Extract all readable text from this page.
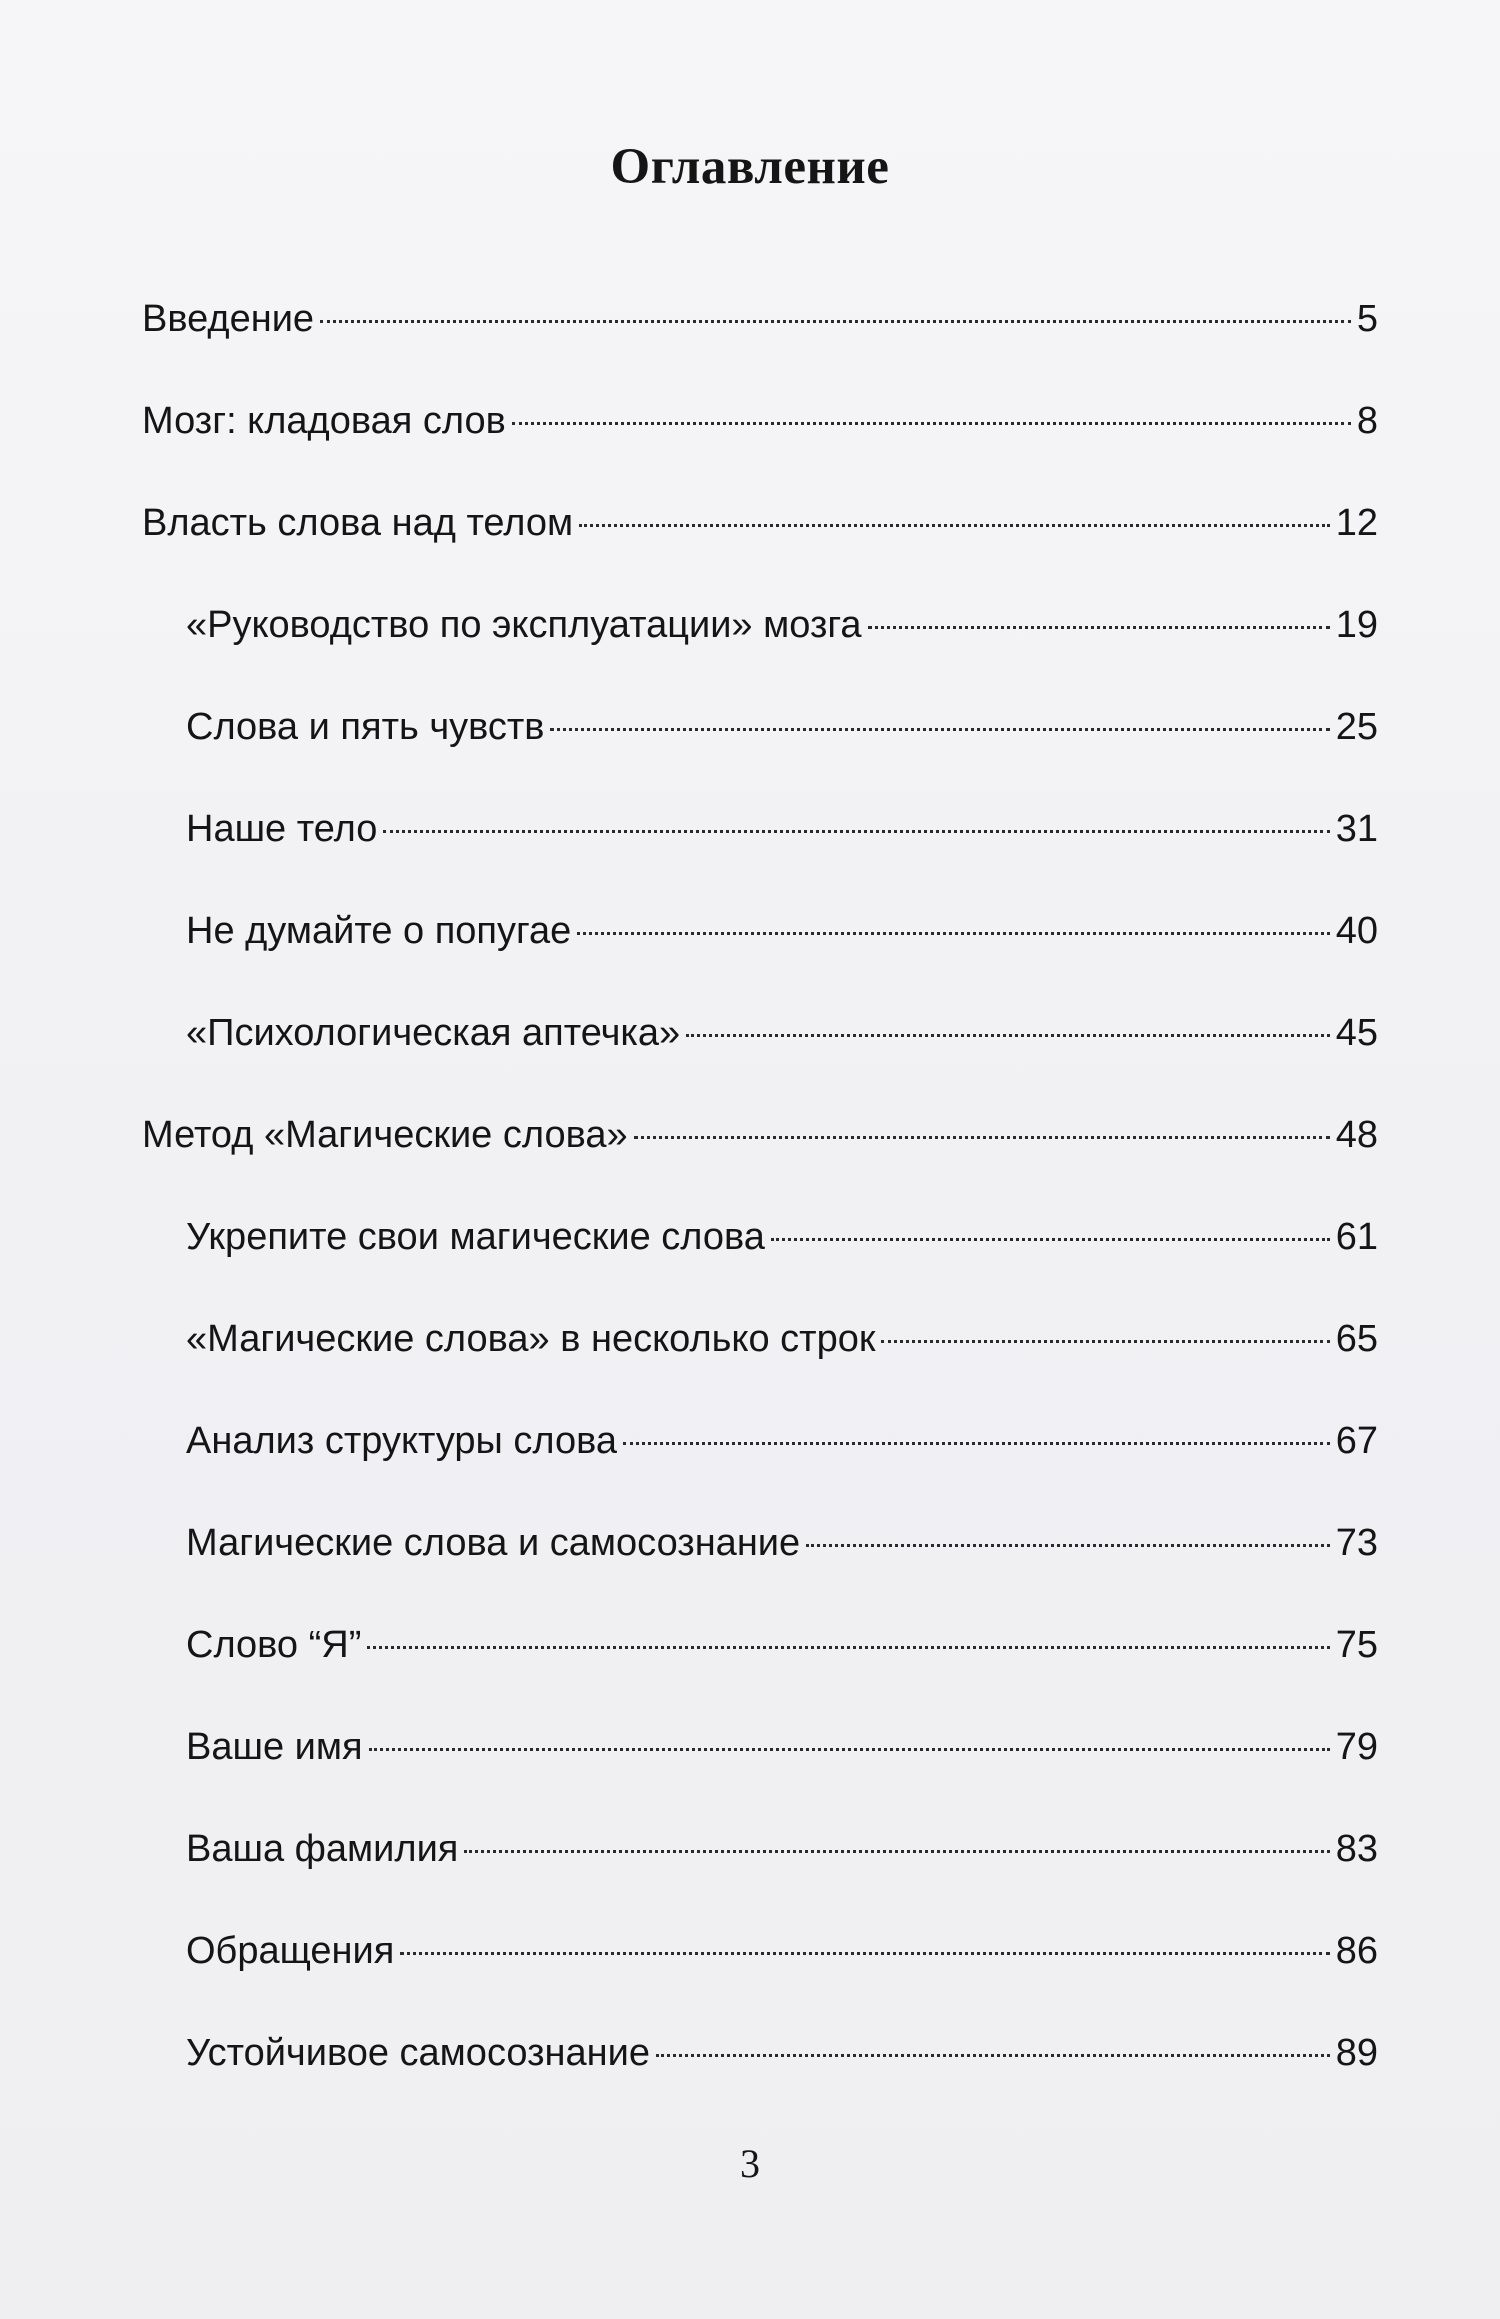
Оглавление
Введение	5
Мозг: кладовая слов	8
Власть слова над телом	12
«Руководство по эксплуатации» мозга	19
Слова и пять чувств	25
Наше тело	31
Не думайте о попугае	40
«Психологическая аптечка»	45
Метод «Магические слова»	48
Укрепите свои магические слова	61
«Магические слова» в несколько строк	65
Анализ структуры слова	67
Магические слова и самосознание	73
Слово “Я”	75
Ваше имя	79
Ваша фамилия	83
Обращения	86
Устойчивое самосознание	89
3
